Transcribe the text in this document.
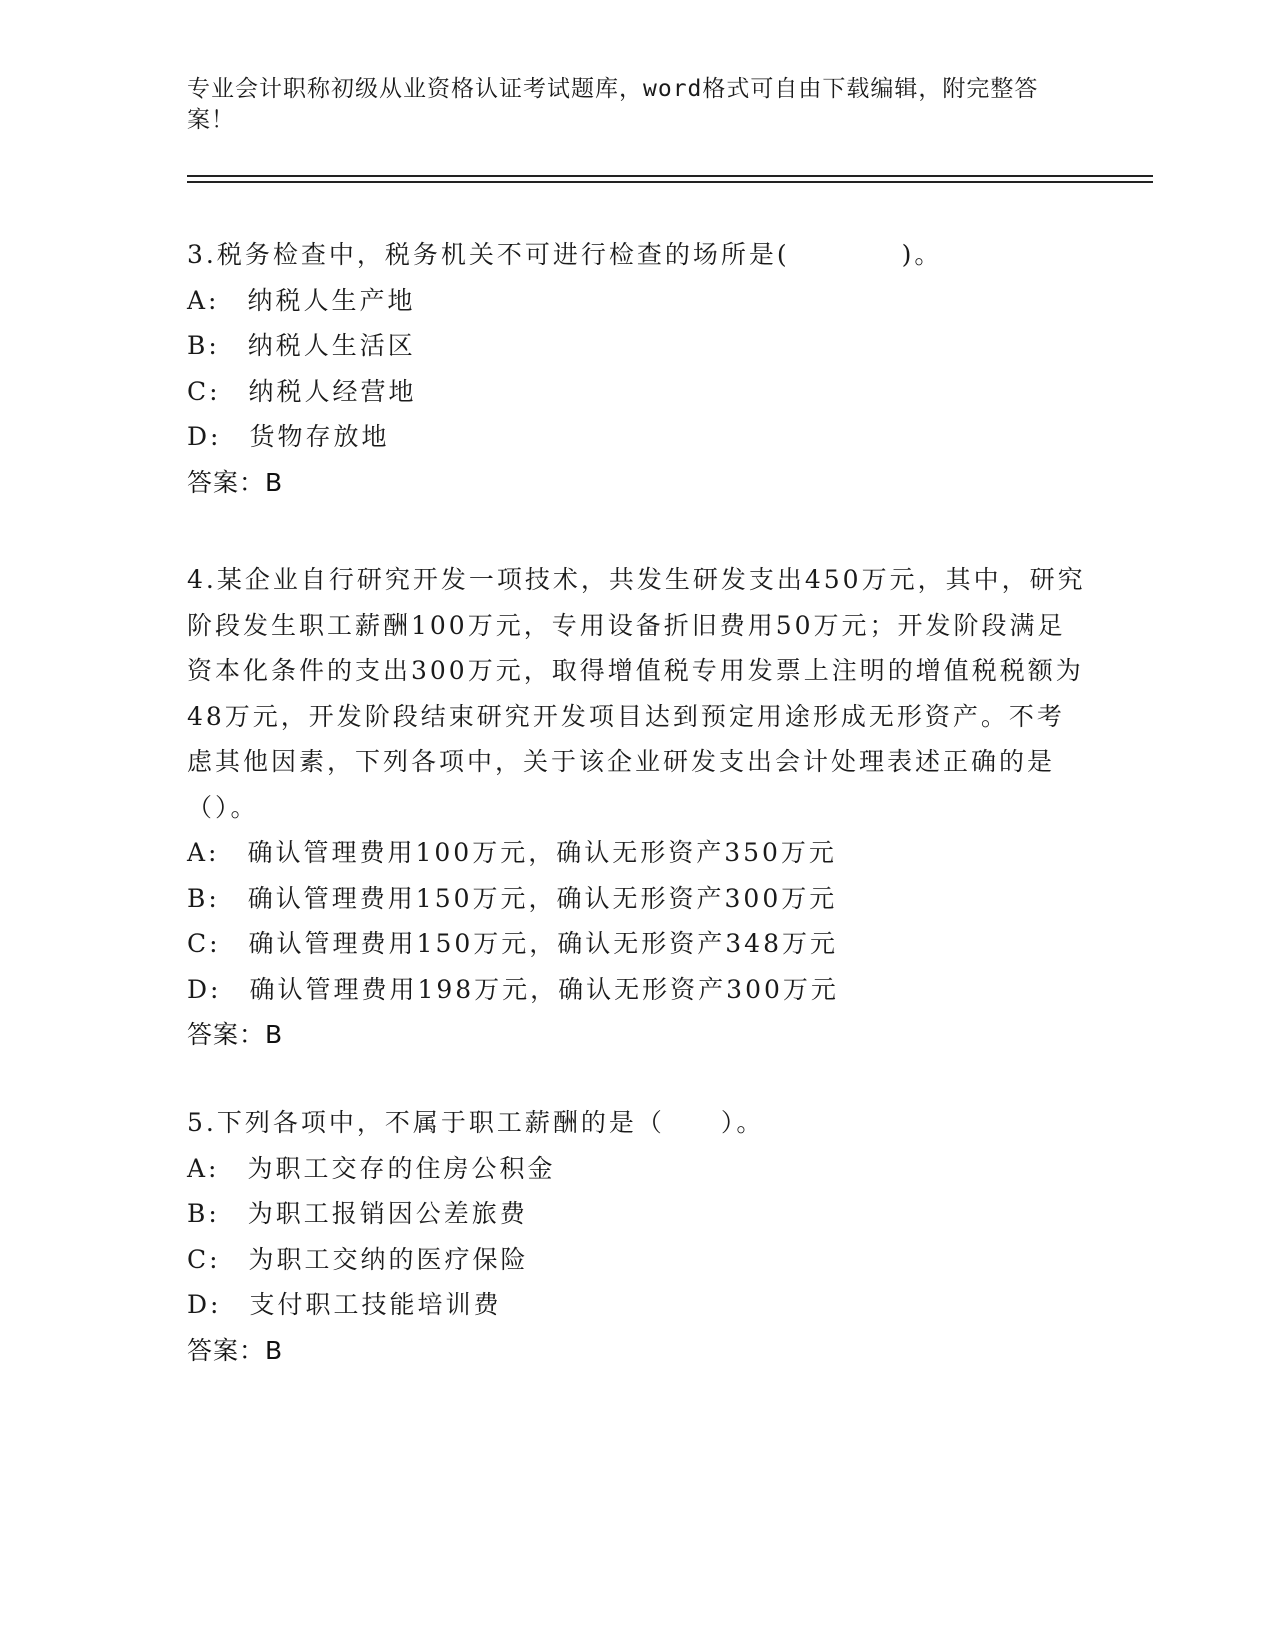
专业会计职称初级从业资格认证考试题库，word格式可自由下载编辑，附完整答案！

3.税务检查中，税务机关不可进行检查的场所是(　　　　)。

A:　纳税人生产地

B:　纳税人生活区

C:　纳税人经营地

D:　货物存放地

答案：B

4.某企业自行研究开发一项技术，共发生研发支出450万元，其中，研究阶段发生职工薪酬100万元，专用设备折旧费用50万元；开发阶段满足资本化条件的支出300万元，取得增值税专用发票上注明的增值税税额为48万元，开发阶段结束研究开发项目达到预定用途形成无形资产。不考虑其他因素，下列各项中，关于该企业研发支出会计处理表述正确的是（）。

A:　确认管理费用100万元，确认无形资产350万元

B:　确认管理费用150万元，确认无形资产300万元

C:　确认管理费用150万元，确认无形资产348万元

D:　确认管理费用198万元，确认无形资产300万元

答案：B

5.下列各项中，不属于职工薪酬的是（　　）。

A:　为职工交存的住房公积金

B:　为职工报销因公差旅费

C:　为职工交纳的医疗保险

D:　支付职工技能培训费

答案：B
